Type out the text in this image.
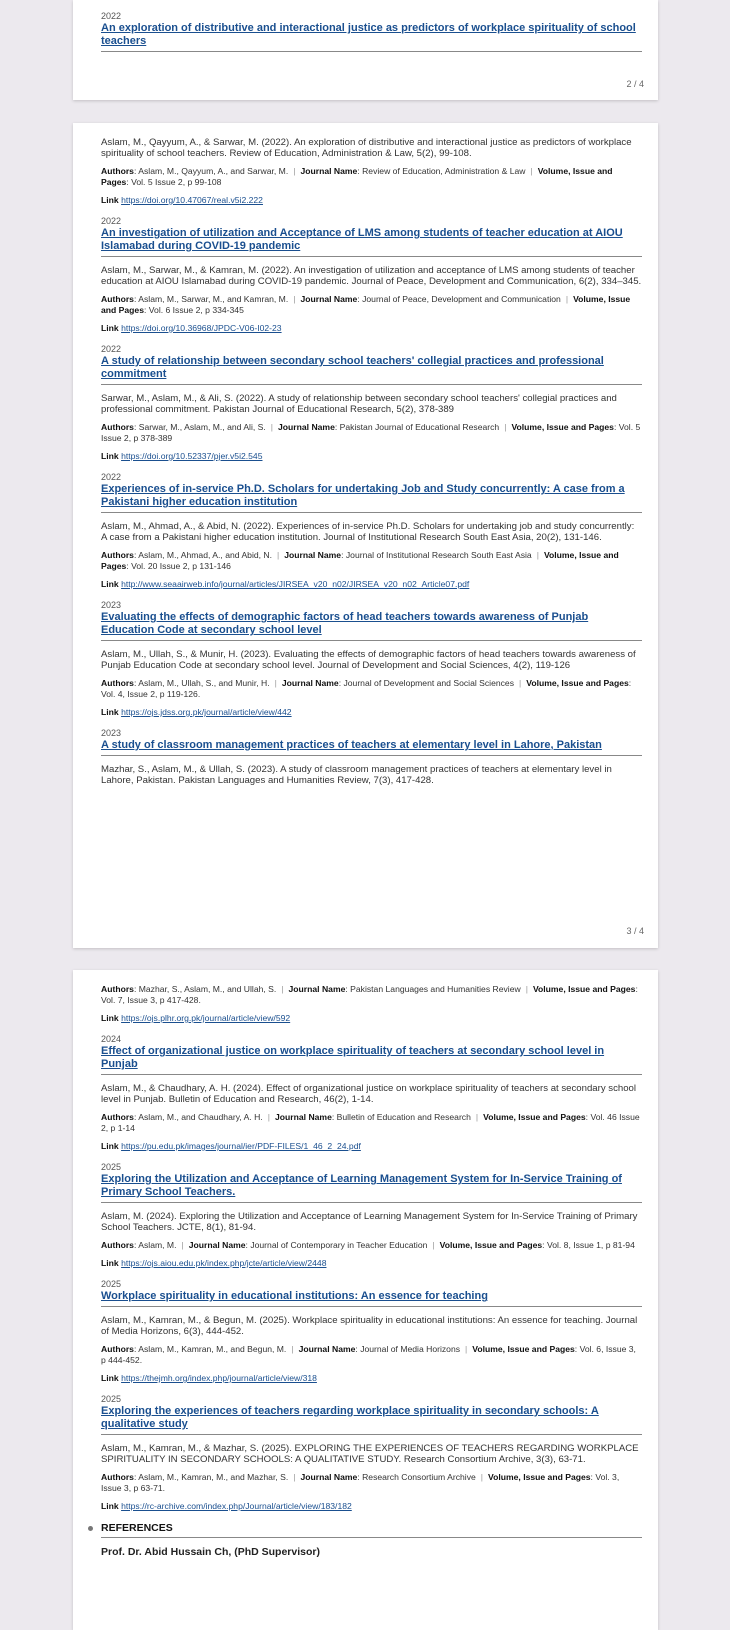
2022
An exploration of distributive and interactional justice as predictors of workplace spirituality of school teachers
2 / 4
Aslam, M., Qayyum, A., & Sarwar, M. (2022). An exploration of distributive and interactional justice as predictors of workplace spirituality of school teachers. Review of Education, Administration & Law, 5(2), 99-108.
Authors: Aslam, M., Qayyum, A., and Sarwar, M. | Journal Name: Review of Education, Administration & Law | Volume, Issue and Pages: Vol. 5 Issue 2, p 99-108
Link https://doi.org/10.47067/real.v5i2.222
2022
An investigation of utilization and Acceptance of LMS among students of teacher education at AIOU Islamabad during COVID-19 pandemic
Aslam, M., Sarwar, M., & Kamran, M. (2022). An investigation of utilization and acceptance of LMS among students of teacher education at AIOU Islamabad during COVID-19 pandemic. Journal of Peace, Development and Communication, 6(2), 334–345.
Authors: Aslam, M., Sarwar, M., and Kamran, M. | Journal Name: Journal of Peace, Development and Communication | Volume, Issue and Pages: Vol. 6 Issue 2, p 334-345
Link https://doi.org/10.36968/JPDC-V06-I02-23
2022
A study of relationship between secondary school teachers' collegial practices and professional commitment
Sarwar, M., Aslam, M., & Ali, S. (2022). A study of relationship between secondary school teachers' collegial practices and professional commitment. Pakistan Journal of Educational Research, 5(2), 378-389
Authors: Sarwar, M., Aslam, M., and Ali, S. | Journal Name: Pakistan Journal of Educational Research | Volume, Issue and Pages: Vol. 5 Issue 2, p 378-389
Link https://doi.org/10.52337/pjer.v5i2.545
2022
Experiences of in-service Ph.D. Scholars for undertaking Job and Study concurrently: A case from a Pakistani higher education institution
Aslam, M., Ahmad, A., & Abid, N. (2022). Experiences of in-service Ph.D. Scholars for undertaking job and study concurrently: A case from a Pakistani higher education institution. Journal of Institutional Research South East Asia, 20(2), 131-146.
Authors: Aslam, M., Ahmad, A., and Abid, N. | Journal Name: Journal of Institutional Research South East Asia | Volume, Issue and Pages: Vol. 20 Issue 2, p 131-146
Link http://www.seaairweb.info/journal/articles/JIRSEA_v20_n02/JIRSEA_v20_n02_Article07.pdf
2023
Evaluating the effects of demographic factors of head teachers towards awareness of Punjab Education Code at secondary school level
Aslam, M., Ullah, S., & Munir, H. (2023). Evaluating the effects of demographic factors of head teachers towards awareness of Punjab Education Code at secondary school level. Journal of Development and Social Sciences, 4(2), 119-126
Authors: Aslam, M., Ullah, S., and Munir, H. | Journal Name: Journal of Development and Social Sciences | Volume, Issue and Pages: Vol. 4, Issue 2, p 119-126.
Link https://ojs.jdss.org.pk/journal/article/view/442
2023
A study of classroom management practices of teachers at elementary level in Lahore, Pakistan
Mazhar, S., Aslam, M., & Ullah, S. (2023). A study of classroom management practices of teachers at elementary level in Lahore, Pakistan. Pakistan Languages and Humanities Review, 7(3), 417-428.
3 / 4
Authors: Mazhar, S., Aslam, M., and Ullah, S. | Journal Name: Pakistan Languages and Humanities Review | Volume, Issue and Pages: Vol. 7, Issue 3, p 417-428.
Link https://ojs.plhr.org.pk/journal/article/view/592
2024
Effect of organizational justice on workplace spirituality of teachers at secondary school level in Punjab
Aslam, M., & Chaudhary, A. H. (2024). Effect of organizational justice on workplace spirituality of teachers at secondary school level in Punjab. Bulletin of Education and Research, 46(2), 1-14.
Authors: Aslam, M., and Chaudhary, A. H. | Journal Name: Bulletin of Education and Research | Volume, Issue and Pages: Vol. 46 Issue 2, p 1-14
Link https://pu.edu.pk/images/journal/ier/PDF-FILES/1_46_2_24.pdf
2025
Exploring the Utilization and Acceptance of Learning Management System for In-Service Training of Primary School Teachers.
Aslam, M. (2024). Exploring the Utilization and Acceptance of Learning Management System for In-Service Training of Primary School Teachers. JCTE, 8(1), 81-94.
Authors: Aslam, M. | Journal Name: Journal of Contemporary in Teacher Education | Volume, Issue and Pages: Vol. 8, Issue 1, p 81-94
Link https://ojs.aiou.edu.pk/index.php/jcte/article/view/2448
2025
Workplace spirituality in educational institutions: An essence for teaching
Aslam, M., Kamran, M., & Begun, M. (2025). Workplace spirituality in educational institutions: An essence for teaching. Journal of Media Horizons, 6(3), 444-452.
Authors: Aslam, M., Kamran, M., and Begun, M. | Journal Name: Journal of Media Horizons | Volume, Issue and Pages: Vol. 6, Issue 3, p 444-452.
Link https://thejmh.org/index.php/journal/article/view/318
2025
Exploring the experiences of teachers regarding workplace spirituality in secondary schools: A qualitative study
Aslam, M., Kamran, M., & Mazhar, S. (2025). EXPLORING THE EXPERIENCES OF TEACHERS REGARDING WORKPLACE SPIRITUALITY IN SECONDARY SCHOOLS: A QUALITATIVE STUDY. Research Consortium Archive, 3(3), 63-71.
Authors: Aslam, M., Kamran, M., and Mazhar, S. | Journal Name: Research Consortium Archive | Volume, Issue and Pages: Vol. 3, Issue 3, p 63-71.
Link https://rc-archive.com/index.php/Journal/article/view/183/182
REFERENCES
Prof. Dr. Abid Hussain Ch, (PhD Supervisor)
